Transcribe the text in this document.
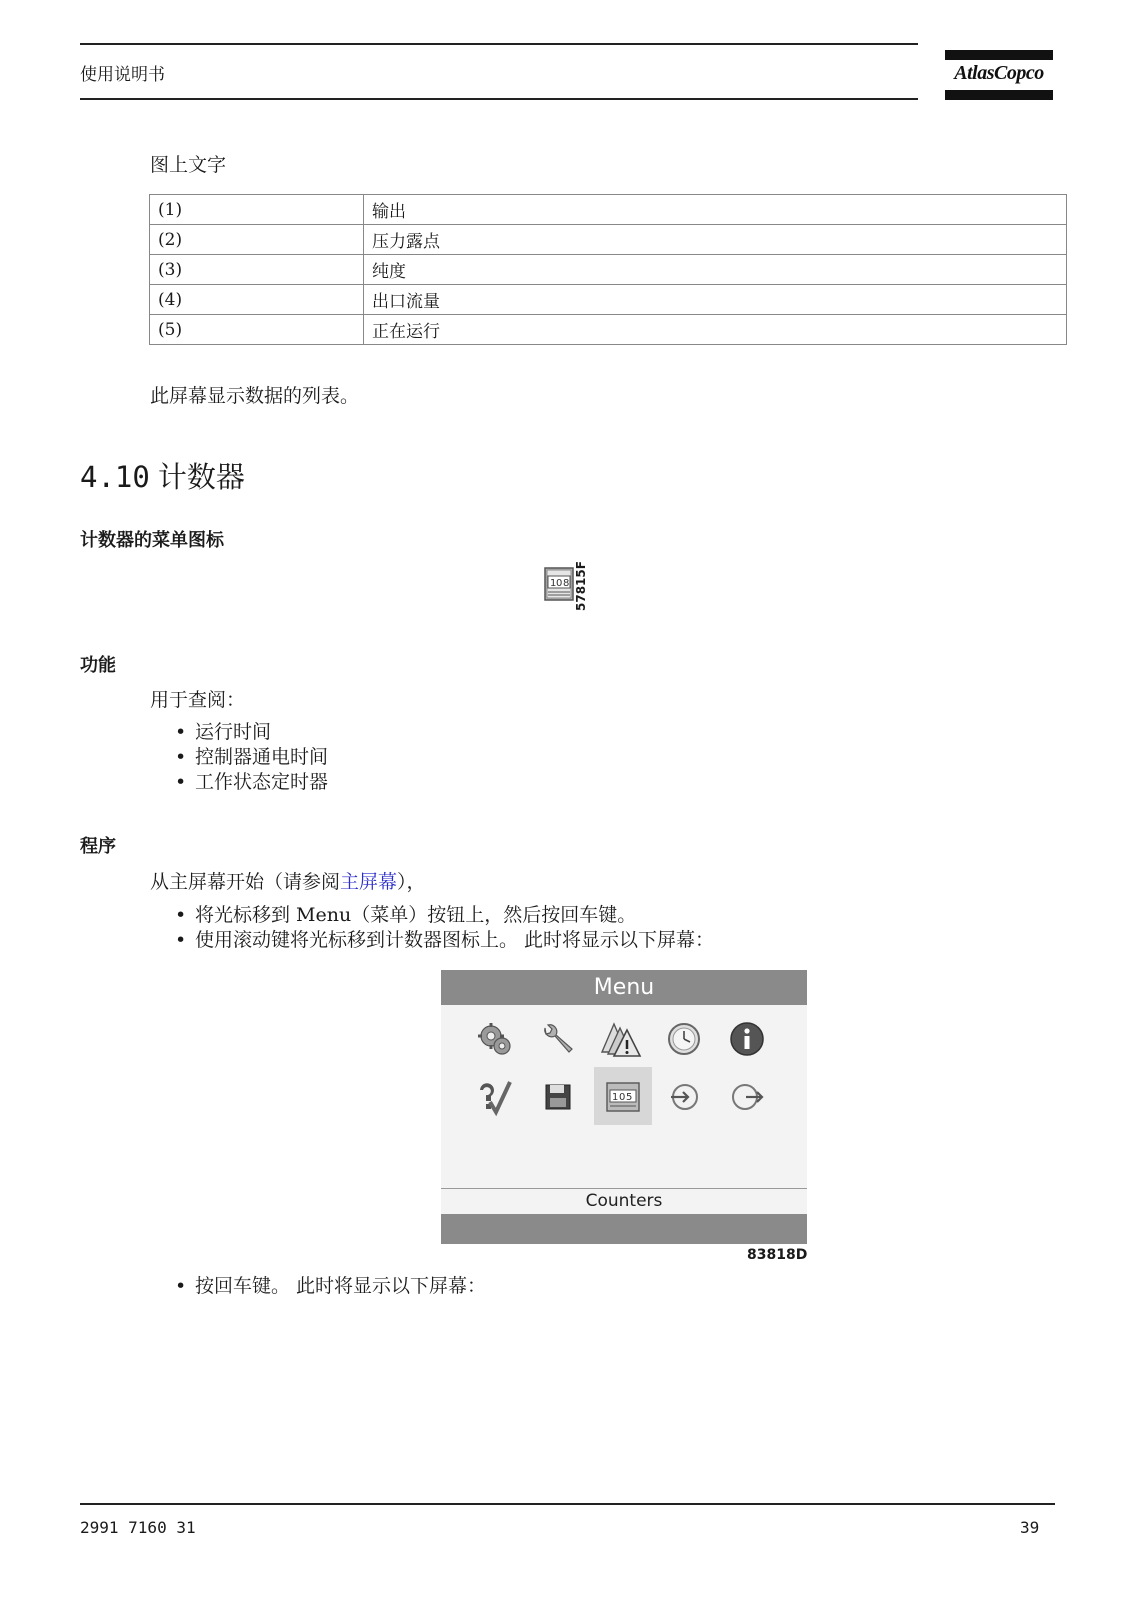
使用说明书	AtlasCopco
图上文字
(1)	输出
(2)	压力露点
(3)	纯度
(4)	出口流量
(5)	正在运行
此屏幕显示数据的列表。
4.10 计数器
计数器的菜单图标
1 0 8 57815F
功能
用于查阅：
• 运行时间
• 控制器通电时间
• 工作状态定时器
程序
从主屏幕开始（请参阅主屏幕），
• 将光标移到 Menu（菜单）按钮上，然后按回车键。
• 使用滚动键将光标移到计数器图标上。 此时将显示以下屏幕：
Menu
1 0 5
Counters
83818D
• 按回车键。 此时将显示以下屏幕：
2991 7160 31	39
